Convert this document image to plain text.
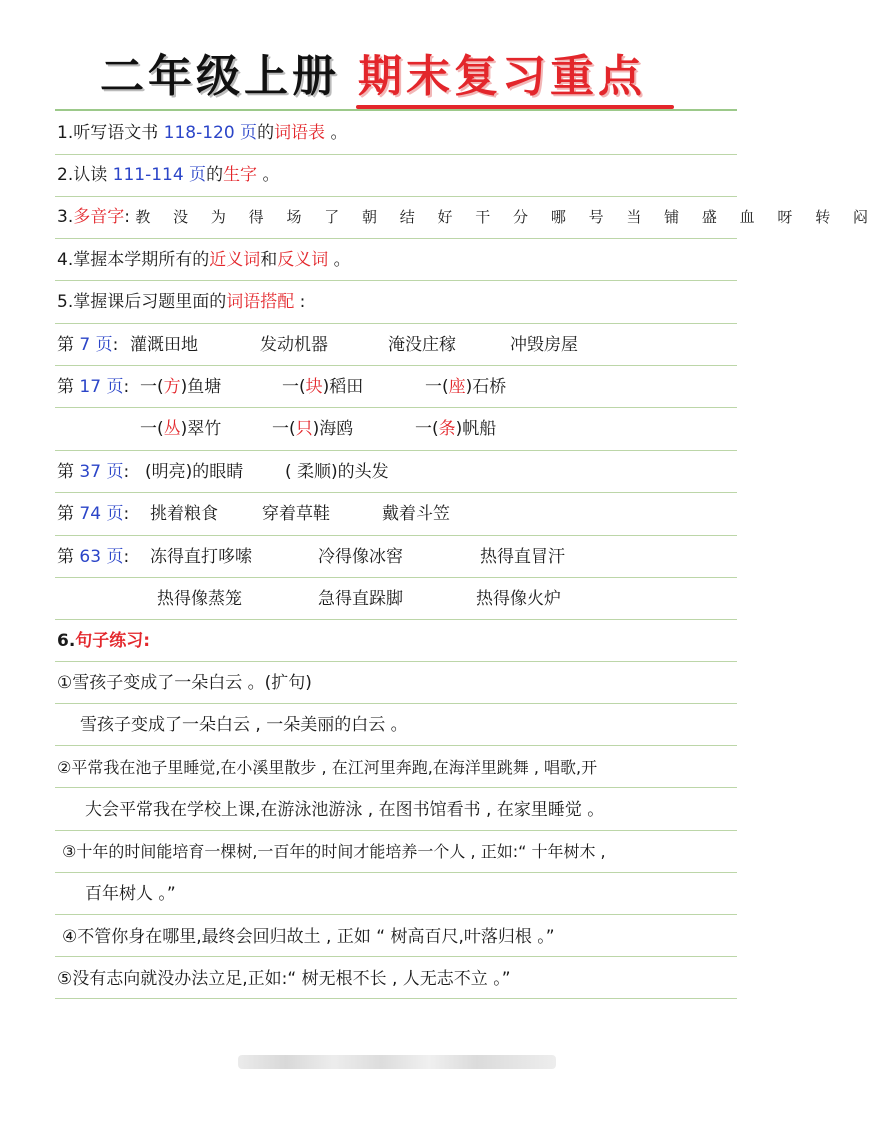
二年级上册 期末复习重点
1.听写语文书 118-120 页的词语表 。
2.认读 111-114 页的生字 。
3.多音字: 教 没 为 得 场 了 朝 结 好 干 分 哪 号 当 铺 盛 血 呀 转 闷
4.掌握本学期所有的近义词和反义词 。
5.掌握课后习题里面的词语搭配 :
第 7 页: 灌溉田地	发动机器	淹没庄稼	冲毁房屋
第 17 页: 一(方)鱼塘	一(块)稻田	一(座)石桥
一(丛)翠竹	一(只)海鸥	一(条)帆船
第 37 页: (明亮)的眼睛 ( 柔顺)的头发
第 74 页: 挑着粮食	穿着草鞋	戴着斗笠
第 63 页: 冻得直打哆嗦	冷得像冰窖	热得直冒汗
热得像蒸笼	急得直跺脚	热得像火炉
6.句子练习:
①雪孩子变成了一朵白云 。(扩句)
雪孩子变成了一朵白云 , 一朵美丽的白云 。
②平常我在池子里睡觉,在小溪里散步 , 在江河里奔跑,在海洋里跳舞 , 唱歌,开
大会平常我在学校上课,在游泳池游泳 , 在图书馆看书 , 在家里睡觉 。
③十年的时间能培育一棵树,一百年的时间才能培养一个人 , 正如:“ 十年树木 ,
百年树人 。”
④不管你身在哪里,最终会回归故土 , 正如 “ 树高百尺,叶落归根 。”
⑤没有志向就没办法立足,正如:“ 树无根不长 , 人无志不立 。”
